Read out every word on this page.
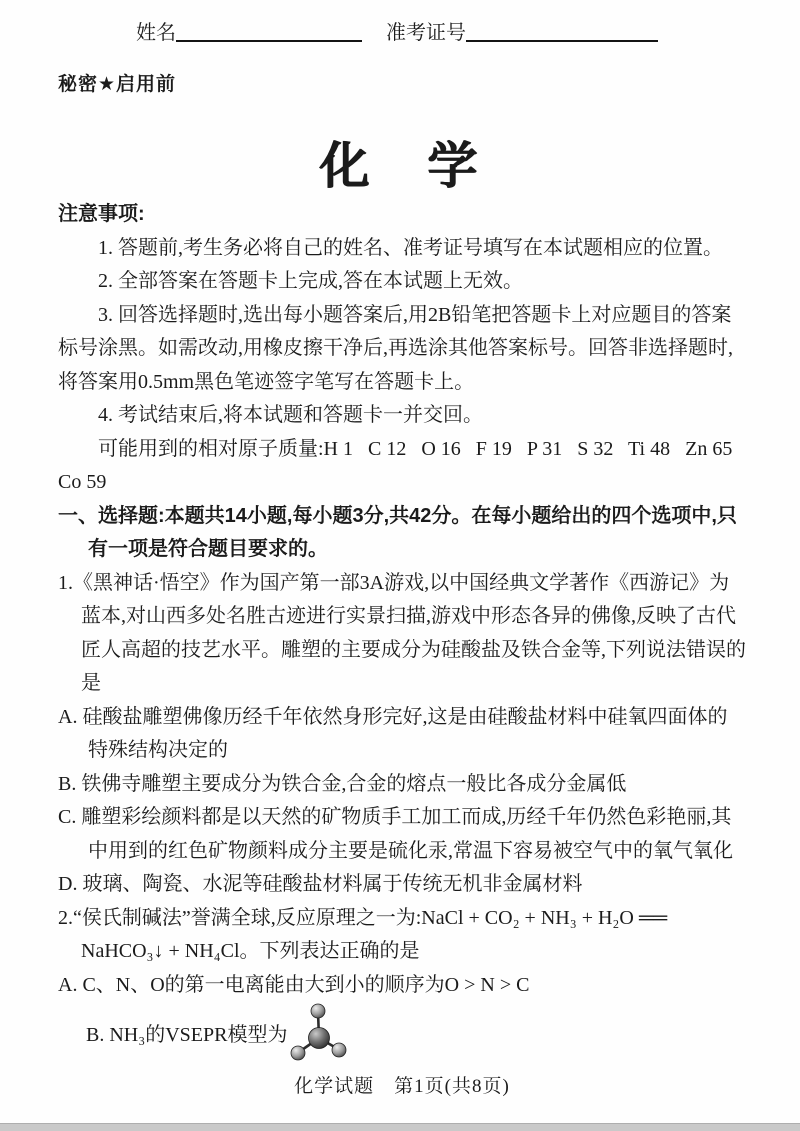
姓名	准考证号
秘密★启用前
化　学

注意事项:

1. 答题前,考生务必将自己的姓名、准考证号填写在本试题相应的位置。

2. 全部答案在答题卡上完成,答在本试题上无效。

3. 回答选择题时,选出每小题答案后,用2B铅笔把答题卡上对应题目的答案标号涂黑。如需改动,用橡皮擦干净后,再选涂其他答案标号。回答非选择题时,将答案用0.5mm黑色笔迹签字笔写在答题卡上。

4. 考试结束后,将本试题和答题卡一并交回。

可能用到的相对原子质量:H 1   C 12   O 16   F 19   P 31   S 32   Ti 48   Zn 65   Co 59

一、选择题:本题共14小题,每小题3分,共42分。在每小题给出的四个选项中,只有一项是符合题目要求的。

1.《黑神话·悟空》作为国产第一部3A游戏,以中国经典文学著作《西游记》为蓝本,对山西多处名胜古迹进行实景扫描,游戏中形态各异的佛像,反映了古代匠人高超的技艺水平。雕塑的主要成分为硅酸盐及铁合金等,下列说法错误的是

A. 硅酸盐雕塑佛像历经千年依然身形完好,这是由硅酸盐材料中硅氧四面体的特殊结构决定的

B. 铁佛寺雕塑主要成分为铁合金,合金的熔点一般比各成分金属低

C. 雕塑彩绘颜料都是以天然的矿物质手工加工而成,历经千年仍然色彩艳丽,其中用到的红色矿物颜料成分主要是硫化汞,常温下容易被空气中的氧气氧化

D. 玻璃、陶瓷、水泥等硅酸盐材料属于传统无机非金属材料

2.“侯氏制碱法”誉满全球,反应原理之一为:NaCl + CO₂ + NH₃ + H₂O ══ NaHCO₃↓ + NH₄Cl。下列表达正确的是

A. C、N、O的第一电离能由大到小的顺序为O > N > C

B. NH₃的VSEPR模型为

化学试题　第1页(共8页)
